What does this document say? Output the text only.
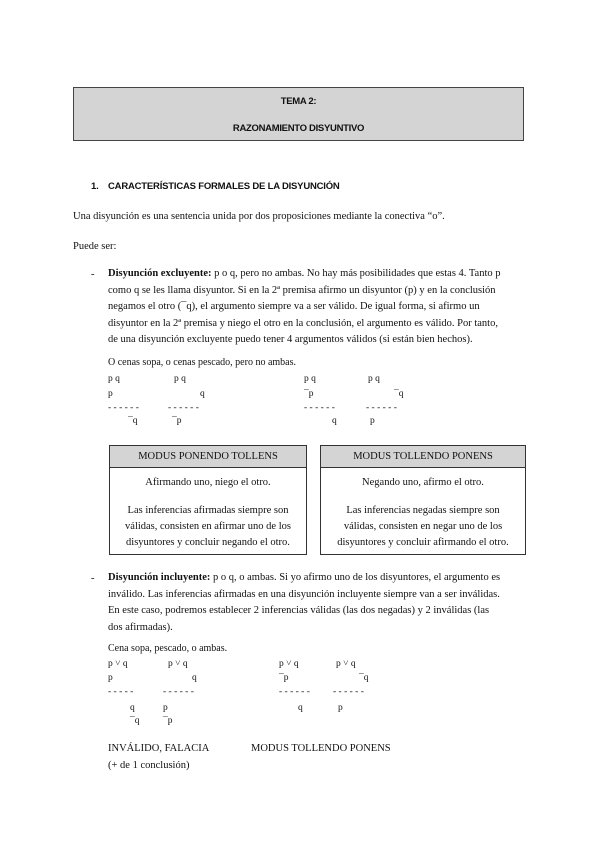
TEMA 2:
RAZONAMIENTO DISYUNTIVO
1. CARACTERÍSTICAS FORMALES DE LA DISYUNCIÓN
Una disyunción es una sentencia unida por dos proposiciones mediante la conectiva “o”.
Puede ser:
- Disyunción excluyente: p o q, pero no ambas. No hay más posibilidades que estas 4. Tanto p
como q se les llama disyuntor. Si en la 2ª premisa afirmo un disyuntor (p) y en la conclusión
negamos el otro (¯q), el argumento siempre va a ser válido. De igual forma, si afirmo un
disyuntor en la 2ª premisa y niego el otro en la conclusión, el argumento es válido. Por tanto,
de una disyunción excluyente puedo tener 4 argumentos válidos (si están bien hechos).
O cenas sopa, o cenas pescado, pero no ambas.
p q
p
- - - - - -
¯q
p q
q
- - - - - -
¯p
p q
¯p
- - - - - -
q
p q
¯q
- - - - - -
p
MODUS PONENDO TOLLENS
Afirmando uno, niego el otro.
Las inferencias afirmadas siempre son válidas, consisten en afirmar uno de los disyuntores y concluir negando el otro.
MODUS TOLLENDO PONENS
Negando uno, afirmo el otro.
Las inferencias negadas siempre son válidas, consisten en negar uno de los disyuntores y concluir afirmando el otro.
- Disyunción incluyente: p o q, o ambas. Si yo afirmo uno de los disyuntores, el argumento es
inválido. Las inferencias afirmadas en una disyunción incluyente siempre van a ser inválidas.
En este caso, podremos establecer 2 inferencias válidas (las dos negadas) y 2 inválidas (las
dos afirmadas).
Cena sopa, pescado, o ambas.
p ˅ q
p
- - - - -
q
¯q
p ˅ q
q
- - - - - -
p
¯p
p ˅ q
¯p
- - - - - -
q
p ˅ q
¯q
- - - - - -
p
INVÁLIDO, FALACIA
(+ de 1 conclusión)
MODUS TOLLENDO PONENS
